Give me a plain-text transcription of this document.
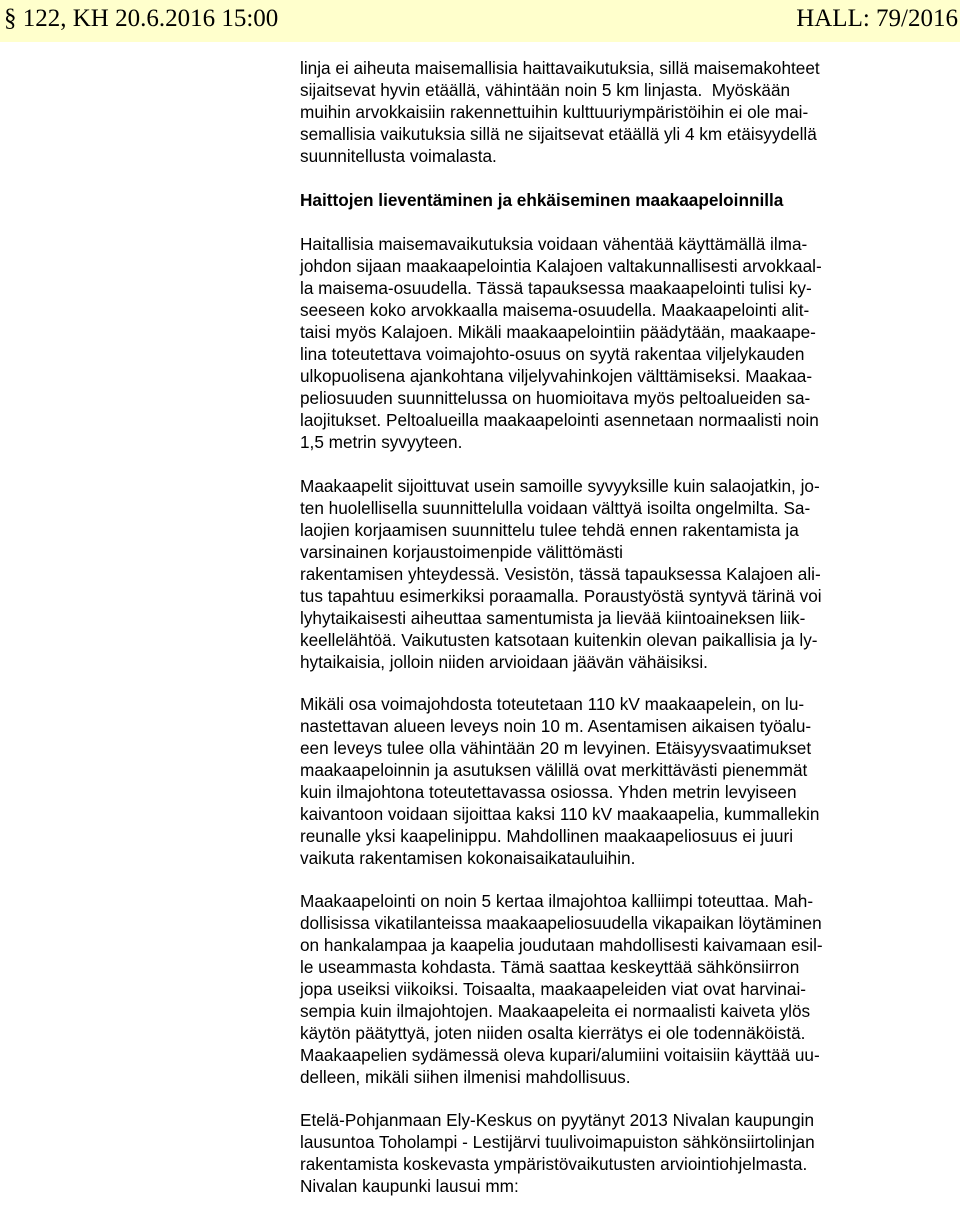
§ 122, KH 20.6.2016 15:00	HALL: 79/2016
linja ei aiheuta maisemallisia haittavaikutuksia, sillä maisemakohteet
sijaitsevat hyvin etäällä, vähintään noin 5 km linjasta.  Myöskään
muihin arvokkaisiin rakennettuihin kulttuuriympäristöihin ei ole mai-
semallisia vaikutuksia sillä ne sijaitsevat etäällä yli 4 km etäisyydellä
suunnitellusta voimalasta.
Haittojen lieventäminen ja ehkäiseminen maakaapeloinnilla
Haitallisia maisemavaikutuksia voidaan vähentää käyttämällä ilma-
johdon sijaan maakaapelointia Kalajoen valtakunnallisesti arvokkaal-
la maisema-osuudella. Tässä tapauksessa maakaapelointi tulisi ky-
seeseen koko arvokkaalla maisema-osuudella. Maakaapelointi alit-
taisi myös Kalajoen. Mikäli maakaapelointiin päädytään, maakaape-
lina toteutettava voimajohto-osuus on syytä rakentaa viljelykauden
ulkopuolisena ajankohtana viljelyvahinkojen välttämiseksi. Maakaa-
peliosuuden suunnittelussa on huomioitava myös peltoalueiden sa-
laojitukset. Peltoalueilla maakaapelointi asennetaan normaalisti noin
1,5 metrin syvyyteen.
Maakaapelit sijoittuvat usein samoille syvyyksille kuin salaojatkin, jo-
ten huolellisella suunnittelulla voidaan välttyä isoilta ongelmilta. Sa-
laojien korjaamisen suunnittelu tulee tehdä ennen rakentamista ja
varsinainen korjaustoimenpide välittömästi
rakentamisen yhteydessä. Vesistön, tässä tapauksessa Kalajoen ali-
tus tapahtuu esimerkiksi poraamalla. Poraustyöstä syntyvä tärinä voi
lyhytaikaisesti aiheuttaa samentumista ja lievää kiintoaineksen liik-
keellelähtöä. Vaikutusten katsotaan kuitenkin olevan paikallisia ja ly-
hytaikaisia, jolloin niiden arvioidaan jäävän vähäisiksi.
Mikäli osa voimajohdosta toteutetaan 110 kV maakaapelein, on lu-
nastettavan alueen leveys noin 10 m. Asentamisen aikaisen työalu-
een leveys tulee olla vähintään 20 m levyinen. Etäisyysvaatimukset
maakaapeloinnin ja asutuksen välillä ovat merkittävästi pienemmät
kuin ilmajohtona toteutettavassa osiossa. Yhden metrin levyiseen
kaivantoon voidaan sijoittaa kaksi 110 kV maakaapelia, kummallekin
reunalle yksi kaapelinippu. Mahdollinen maakaapeliosuus ei juuri
vaikuta rakentamisen kokonaisaikatauluihin.
Maakaapelointi on noin 5 kertaa ilmajohtoa kalliimpi toteuttaa. Mah-
dollisissa vikatilanteissa maakaapeliosuudella vikapaikan löytäminen
on hankalampaa ja kaapelia joudutaan mahdollisesti kaivamaan esil-
le useammasta kohdasta. Tämä saattaa keskeyttää sähkönsiirron
jopa useiksi viikoiksi. Toisaalta, maakaapeleiden viat ovat harvinai-
sempia kuin ilmajohtojen. Maakaapeleita ei normaalisti kaiveta ylös
käytön päätyttyä, joten niiden osalta kierrätys ei ole todennäköistä.
Maakaapelien sydämessä oleva kupari/alumiini voitaisiin käyttää uu-
delleen, mikäli siihen ilmenisi mahdollisuus.
Etelä-Pohjanmaan Ely-Keskus on pyytänyt 2013 Nivalan kaupungin
lausuntoa Toholampi - Lestijärvi tuulivoimapuiston sähkönsiirtolinjan
rakentamista koskevasta ympäristövaikutusten arviointiohjelmasta.
Nivalan kaupunki lausui mm:
